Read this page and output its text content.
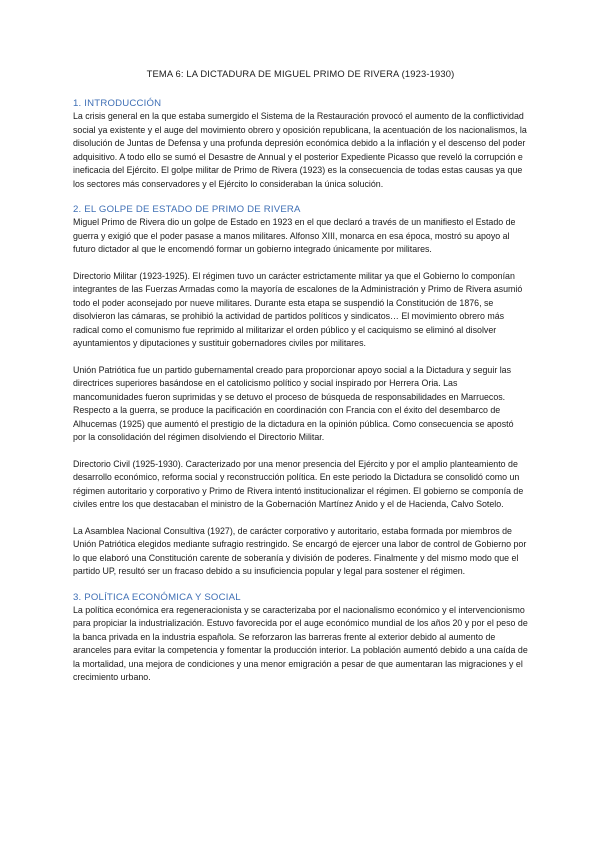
TEMA 6: LA DICTADURA DE MIGUEL PRIMO DE RIVERA (1923-1930)
1. INTRODUCCIÓN

La crisis general en la que estaba sumergido el Sistema de la Restauración provocó el aumento de la conflictividad social ya existente y el auge del movimiento obrero y oposición republicana, la acentuación de los nacionalismos, la disolución de Juntas de Defensa y una profunda depresión económica debido a la inflación y el descenso del poder adquisitivo. A todo ello se sumó el Desastre de Annual y el posterior Expediente Picasso que reveló la corrupción e ineficacia del Ejército. El golpe militar de Primo de Rivera (1923) es la consecuencia de todas estas causas ya que los sectores más conservadores y el Ejército lo consideraban la única solución.

2. EL GOLPE DE ESTADO DE PRIMO DE RIVERA

Miguel Primo de Rivera dio un golpe de Estado en 1923 en el que declaró a través de un manifiesto el Estado de guerra y exigió que el poder pasase a manos militares. Alfonso XIII, monarca en esa época, mostró su apoyo al futuro dictador al que le encomendó formar un gobierno integrado únicamente por militares.

Directorio Militar (1923-1925). El régimen tuvo un carácter estrictamente militar ya que el Gobierno lo componían integrantes de las Fuerzas Armadas como la mayoría de escalones de la Administración y Primo de Rivera asumió todo el poder aconsejado por nueve militares. Durante esta etapa se suspendió la Constitución de 1876, se disolvieron las cámaras, se prohibió la actividad de partidos políticos y sindicatos… El movimiento obrero más radical como el comunismo fue reprimido al militarizar el orden público y el caciquismo se eliminó al disolver ayuntamientos y diputaciones y sustituir gobernadores civiles por militares.

Unión Patriótica fue un partido gubernamental creado para proporcionar apoyo social a la Dictadura y seguir las directrices superiores basándose en el catolicismo político y social inspirado por Herrera Oria. Las mancomunidades fueron suprimidas y se detuvo el proceso de búsqueda de responsabilidades en Marruecos. Respecto a la guerra, se produce la pacificación en coordinación con Francia con el éxito del desembarco de Alhucemas (1925) que aumentó el prestigio de la dictadura en la opinión pública. Como consecuencia se apostó por la consolidación del régimen disolviendo el Directorio Militar.

Directorio Civil (1925-1930). Caracterizado por una menor presencia del Ejército y por el amplio planteamiento de desarrollo económico, reforma social y reconstrucción política. En este periodo la Dictadura se consolidó como un régimen autoritario y corporativo y Primo de Rivera intentó institucionalizar el régimen. El gobierno se componía de civiles entre los que destacaban el ministro de la Gobernación Martínez Anido y el de Hacienda, Calvo Sotelo.

La Asamblea Nacional Consultiva (1927), de carácter corporativo y autoritario, estaba formada por miembros de Unión Patriótica elegidos mediante sufragio restringido. Se encargó de ejercer una labor de control de Gobierno por lo que elaboró una Constitución carente de soberanía y división de poderes. Finalmente y del mismo modo que el partido UP, resultó ser un fracaso debido a su insuficiencia popular y legal para sostener el régimen.

3. POLÍTICA ECONÓMICA Y SOCIAL

La política económica era regeneracionista y se caracterizaba por el nacionalismo económico y el intervencionismo para propiciar la industrialización. Estuvo favorecida por el auge económico mundial de los años 20 y por el peso de la banca privada en la industria española. Se reforzaron las barreras frente al exterior debido al aumento de aranceles para evitar la competencia y fomentar la producción interior. La población aumentó debido a una caída de la mortalidad, una mejora de condiciones y una menor emigración a pesar de que aumentaran las migraciones y el crecimiento urbano.
